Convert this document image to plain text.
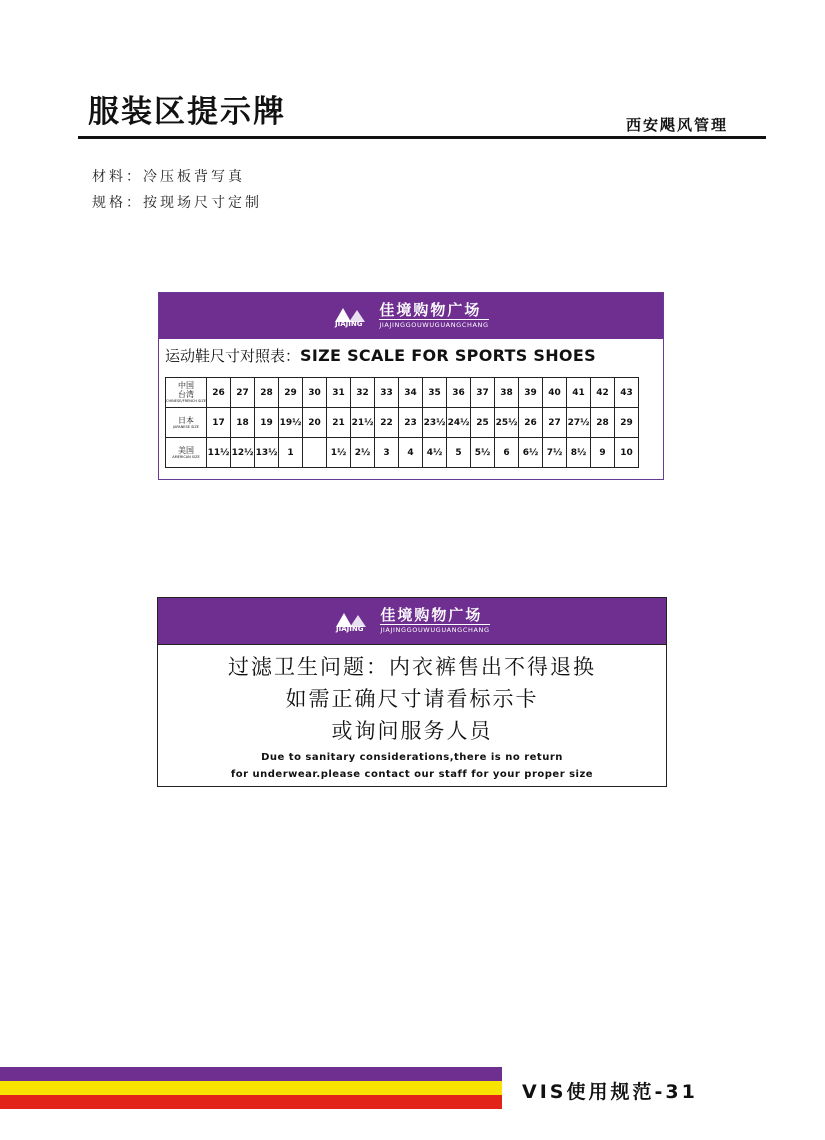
服装区提示牌	西安飓风管理
材料：冷压板背写真
规格：按现场尺寸定制
JIAJING
佳境购物广场
JIAJINGGOUWUGUANGCHANG
运动鞋尺寸对照表：SIZE SCALE FOR SPORTS SHOES
中国
台湾
CHINESE/FRENCH SIZE	26	27	28	29	30	31	32	33	34	35	36	37	38	39	40	41	42	43

日本
JAPANESE SIZE	17	18	19	19½	20	21	21½	22	23	23½	24½	25	25½	26	27	27½	28	29

美国
AMERICAN SIZE	11½	12½	13½	1		1½	2½	3	4	4½	5	5½	6	6½	7½	8½	9	10
JIAJING
佳境购物广场
JIAJINGGOUWUGUANGCHANG
过滤卫生问题：内衣裤售出不得退换
如需正确尺寸请看标示卡
或询问服务人员
Due to sanitary considerations,there is no return
for underwear.please contact our staff for your proper size
VIS使用规范-31
